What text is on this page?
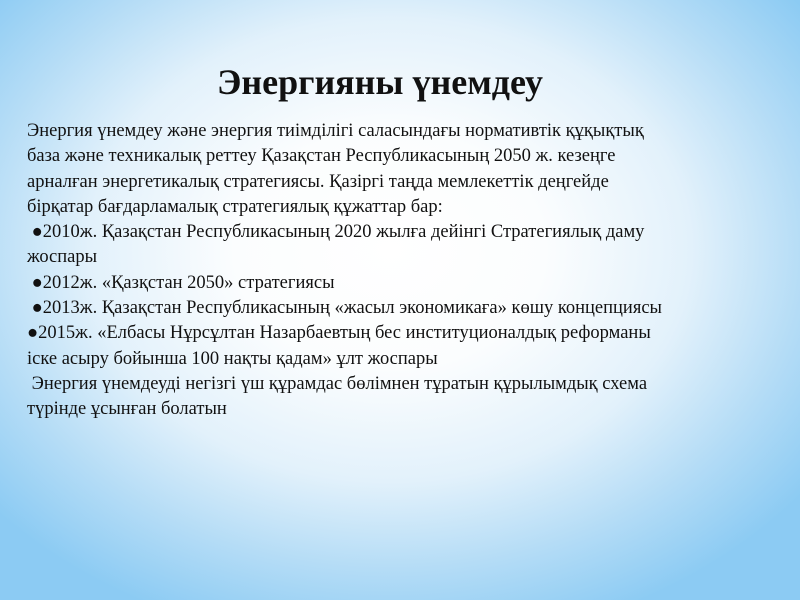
Энергияны үнемдеу

Энергия үнемдеу және энергия тиімділігі саласындағы нормативтік құқықтық база және техникалық реттеу Қазақстан Республикасының 2050 ж. кезеңге арналған энергетикалық стратегиясы. Қазіргі таңда мемлекеттік деңгейде бірқатар бағдарламалық стратегиялық құжаттар бар:

●2010ж. Қазақстан Республикасының 2020 жылға дейінгі Стратегиялық даму жоспары

●2012ж. «Қазқстан 2050» стратегиясы

●2013ж. Қазақстан Республикасының «жасыл экономикаға» көшу концепциясы

●2015ж. «Елбасы Нұрсұлтан Назарбаевтың бес институционалдық реформаны іске асыру бойынша 100 нақты қадам» ұлт жоспары

Энергия үнемдеуді негізгі үш құрамдас бөлімнен тұратын құрылымдық схема түрінде ұсынған болатын
